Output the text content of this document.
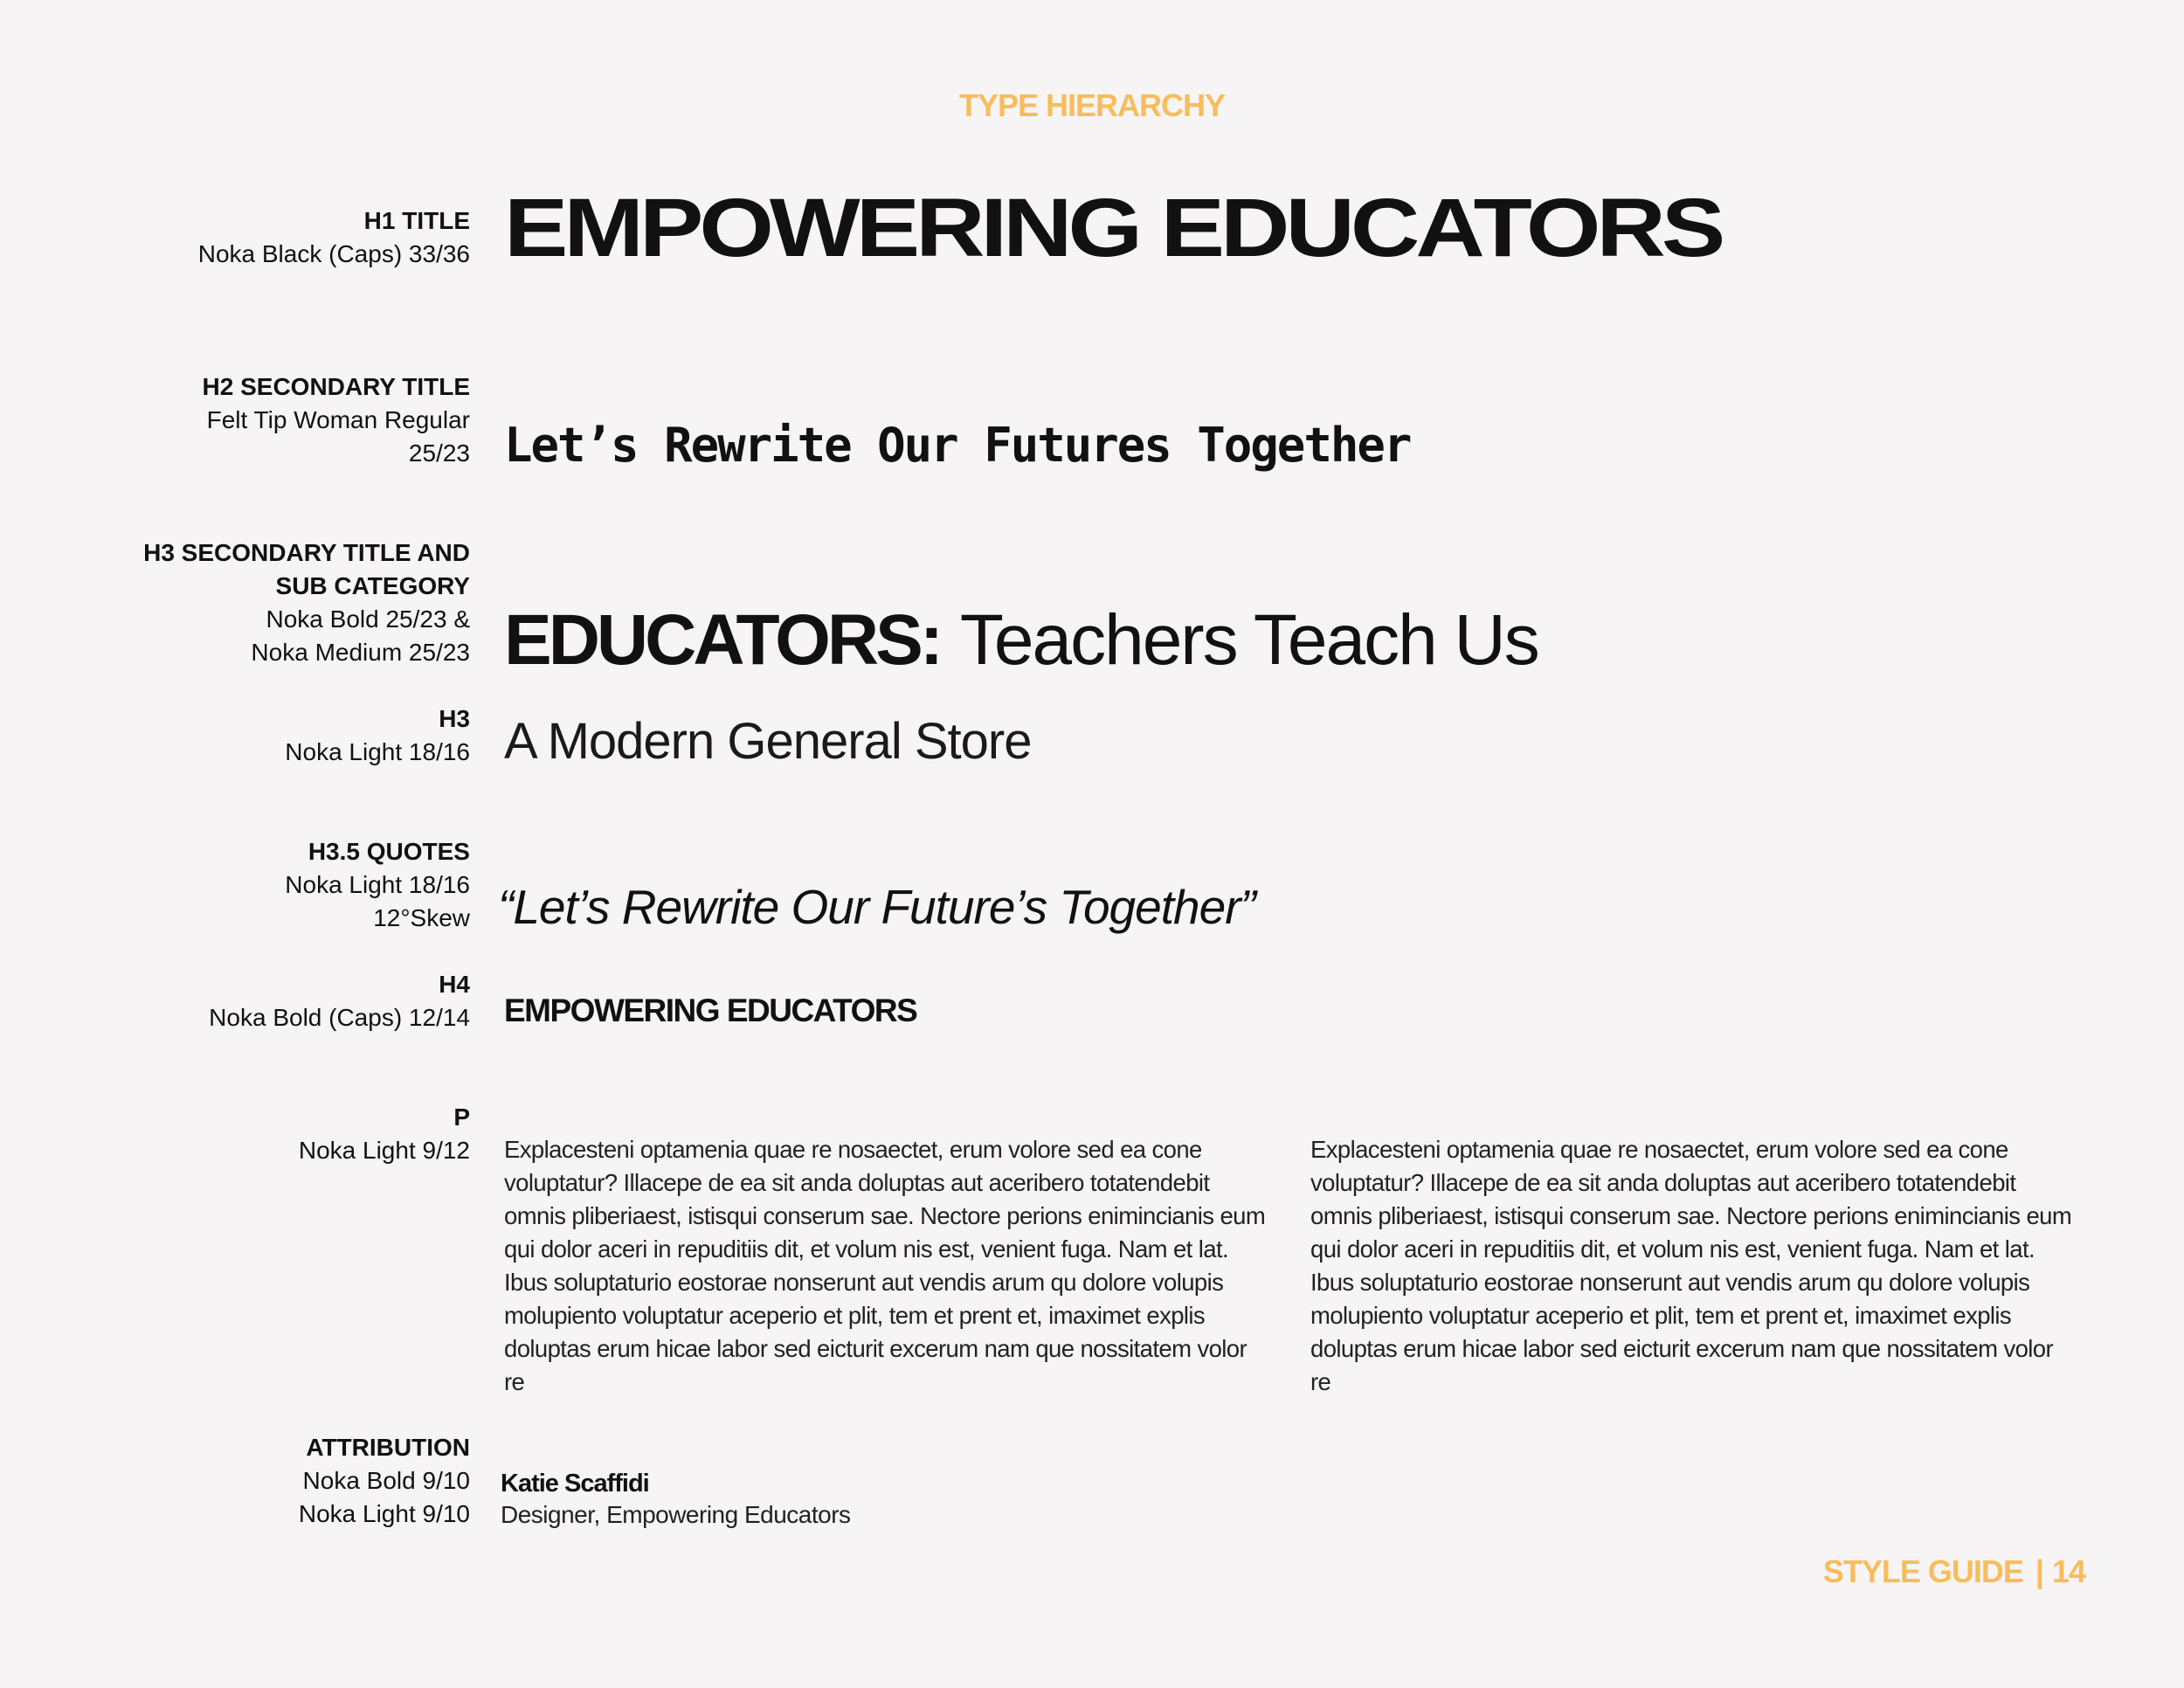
TYPE HIERARCHY
H1 TITLE
Noka Black (Caps) 33/36 EMPOWERING EDUCATORS
H2 SECONDARY TITLE
Felt Tip Woman Regular
25/23 Let’s Rewrite Our Futures Together
H3 SECONDARY TITLE AND
SUB CATEGORY
Noka Bold 25/23 &
Noka Medium 25/23 EDUCATORS: Teachers Teach Us
H3
Noka Light 18/16 A Modern General Store
H3.5 QUOTES
Noka Light 18/16
12°Skew “Let’s Rewrite Our Future’s Together”
H4
Noka Bold (Caps) 12/14 EMPOWERING EDUCATORS
P
Noka Light 9/12 Explacesteni optamenia quae re nosaectet, erum volore sed ea cone voluptatur? Illacepe de ea sit anda doluptas aut aceribero totatendebit omnis pliberiaest, istisqui conserum sae. Nectore perions enimincianis eum qui dolor aceri in repuditiis dit, et volum nis est, venient fuga. Nam et lat. Ibus soluptaturio eostorae nonserunt aut vendis arum qu dolore volupis molupiento voluptatur aceperio et plit, tem et prent et, imaximet explis doluptas erum hicae labor sed eicturit excerum nam que nossitatem volor re
Explacesteni optamenia quae re nosaectet, erum volore sed ea cone voluptatur? Illacepe de ea sit anda doluptas aut aceribero totatendebit omnis pliberiaest, istisqui conserum sae. Nectore perions enimincianis eum qui dolor aceri in repuditiis dit, et volum nis est, venient fuga. Nam et lat. Ibus soluptaturio eostorae nonserunt aut vendis arum qu dolore volupis molupiento voluptatur aceperio et plit, tem et prent et, imaximet explis doluptas erum hicae labor sed eicturit excerum nam que nossitatem volor re
ATTRIBUTION
Noka Bold 9/10
Noka Light 9/10
Katie Scaffidi
Designer, Empowering Educators
STYLE GUIDE | 14
